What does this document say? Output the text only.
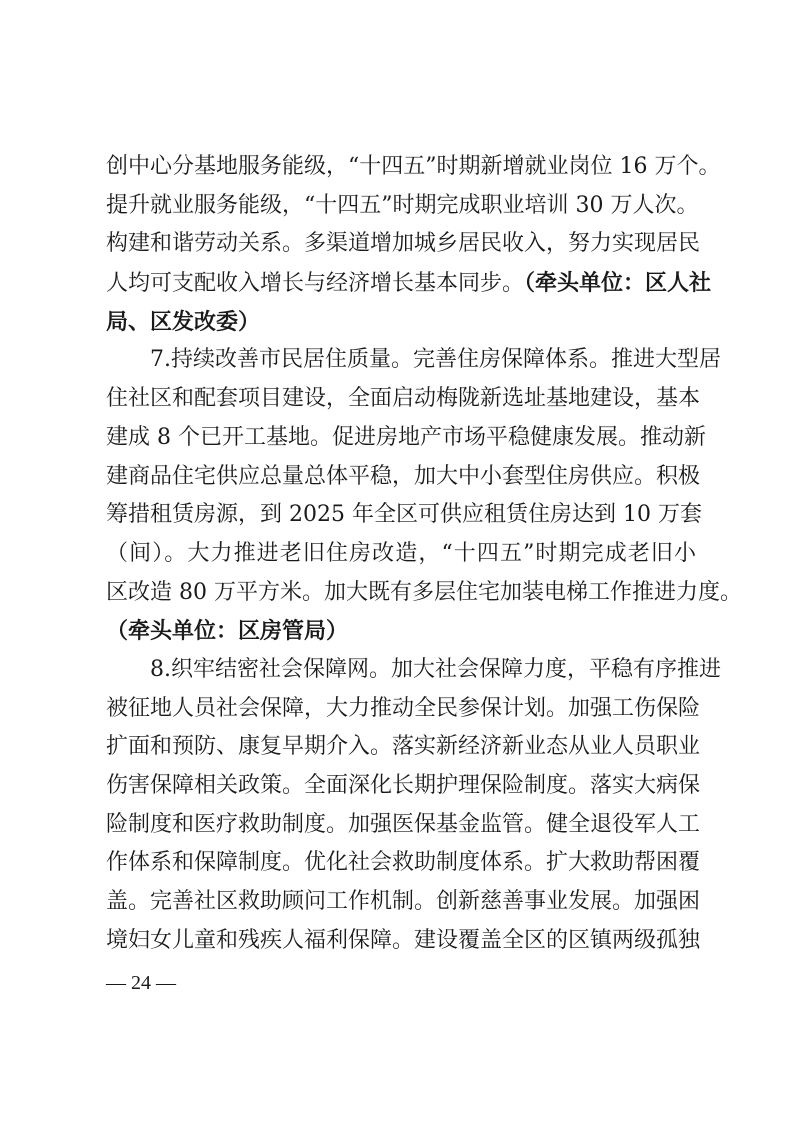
创中心分基地服务能级，“十四五”时期新增就业岗位 16 万个。
提升就业服务能级，“十四五”时期完成职业培训 30 万人次。
构建和谐劳动关系。多渠道增加城乡居民收入，努力实现居民
人均可支配收入增长与经济增长基本同步。（牵头单位：区人社
局、区发改委）
7.持续改善市民居住质量。完善住房保障体系。推进大型居
住社区和配套项目建设，全面启动梅陇新选址基地建设，基本
建成 8 个已开工基地。促进房地产市场平稳健康发展。推动新
建商品住宅供应总量总体平稳，加大中小套型住房供应。积极
筹措租赁房源，到 2025 年全区可供应租赁住房达到 10 万套
（间）。大力推进老旧住房改造，“十四五”时期完成老旧小
区改造 80 万平方米。加大既有多层住宅加装电梯工作推进力度。
（牵头单位：区房管局）
8.织牢结密社会保障网。加大社会保障力度，平稳有序推进
被征地人员社会保障，大力推动全民参保计划。加强工伤保险
扩面和预防、康复早期介入。落实新经济新业态从业人员职业
伤害保障相关政策。全面深化长期护理保险制度。落实大病保
险制度和医疗救助制度。加强医保基金监管。健全退役军人工
作体系和保障制度。优化社会救助制度体系。扩大救助帮困覆
盖。完善社区救助顾问工作机制。创新慈善事业发展。加强困
境妇女儿童和残疾人福利保障。建设覆盖全区的区镇两级孤独
— 24 —
